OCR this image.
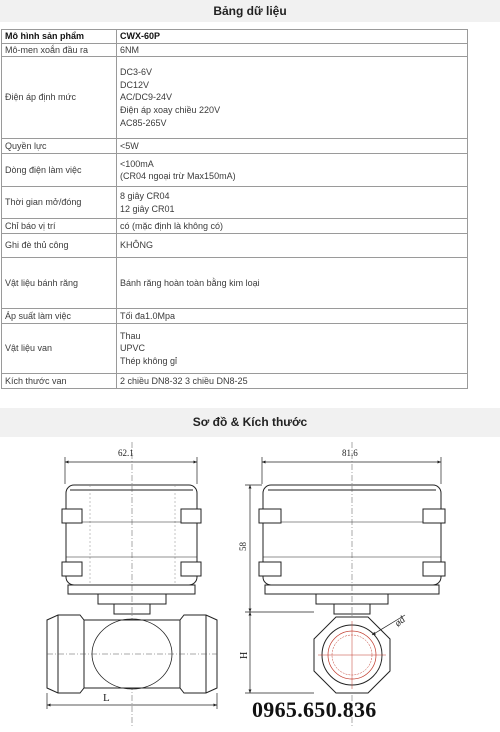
Bảng dữ liệu
Mô hình sản phẩm	CWX-60P

Mô-men xoắn đầu ra	6NM

Điện áp định mức	DC3-6V
DC12V
AC/DC9-24V
Điện áp xoay chiều 220V
AC85-265V

Quyền lực	<5W

Dòng điện làm việc	<100mA
(CR04 ngoại trừ Max150mA)

Thời gian mở/đóng	8 giây CR04
12 giây CR01

Chỉ báo vị trí	có (mặc định là không có)

Ghi đè thủ công	KHÔNG

Vật liệu bánh răng	Bánh răng hoàn toàn bằng kim loại

Áp suất làm việc	Tối đa1.0Mpa

Vật liệu van	Thau
UPVC
Thép không gỉ

Kích thước van	2 chiều DN8-32 3 chiều DN8-25
Sơ đồ & Kích thước
62.1
L
81.6
58
H
ød
0965.650.836
